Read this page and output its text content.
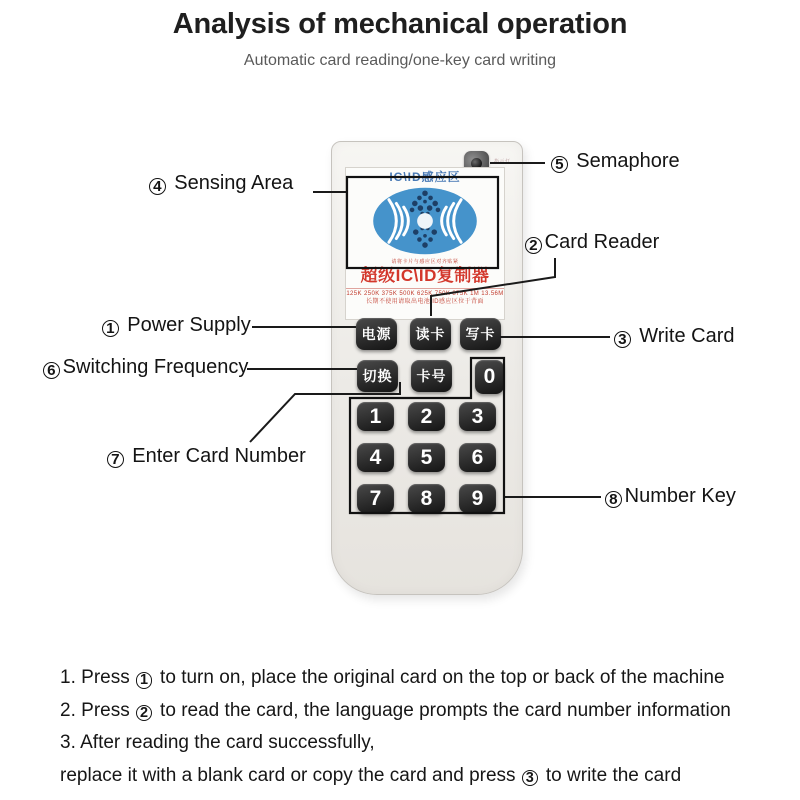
Analysis of mechanical operation
Automatic card reading/one-key card writing
指示灯
IC\ID感应区
请将卡片与感应区对齐贴紧
超级IC\ID复制器
125K 250K 375K 500K 625K 750K 875K 1M 13.56M
长期不使用请取出电池 ID感应区位于背面
电源	读卡	写卡
切换	卡号	0
1	2	3
4	5	6
7	8	9
4 Sensing Area
5 Semaphore
2 Card Reader
1 Power Supply
3 Write Card
6 Switching Frequency
7 Enter Card Number
8 Number Key
1. Press 1 to turn on, place the original card on the top or back of the machine
2. Press 2 to read the card, the language prompts the card number information
3. After reading the card successfully,
replace it with a blank card or copy the card and press 3 to write the card
